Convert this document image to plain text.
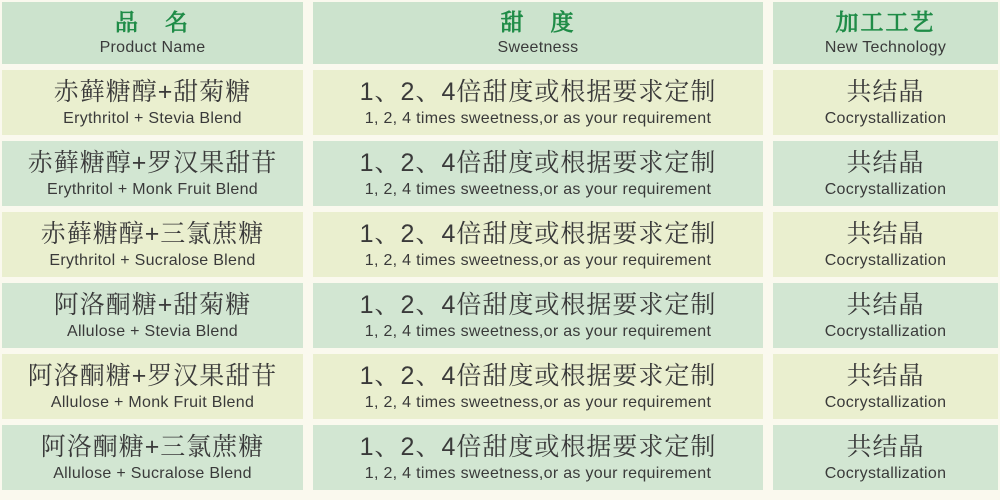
品　名
Product Name
甜　度
Sweetness
加工工艺
New Technology
赤藓糖醇+甜菊糖
Erythritol + Stevia Blend
1、2、4倍甜度或根据要求定制
1, 2, 4 times sweetness,or as your requirement
共结晶
Cocrystallization
赤藓糖醇+罗汉果甜苷
Erythritol + Monk Fruit Blend
1、2、4倍甜度或根据要求定制
1, 2, 4 times sweetness,or as your requirement
共结晶
Cocrystallization
赤藓糖醇+三氯蔗糖
Erythritol + Sucralose Blend
1、2、4倍甜度或根据要求定制
1, 2, 4 times sweetness,or as your requirement
共结晶
Cocrystallization
阿洛酮糖+甜菊糖
Allulose + Stevia Blend
1、2、4倍甜度或根据要求定制
1, 2, 4 times sweetness,or as your requirement
共结晶
Cocrystallization
阿洛酮糖+罗汉果甜苷
Allulose + Monk Fruit Blend
1、2、4倍甜度或根据要求定制
1, 2, 4 times sweetness,or as your requirement
共结晶
Cocrystallization
阿洛酮糖+三氯蔗糖
Allulose + Sucralose Blend
1、2、4倍甜度或根据要求定制
1, 2, 4 times sweetness,or as your requirement
共结晶
Cocrystallization
